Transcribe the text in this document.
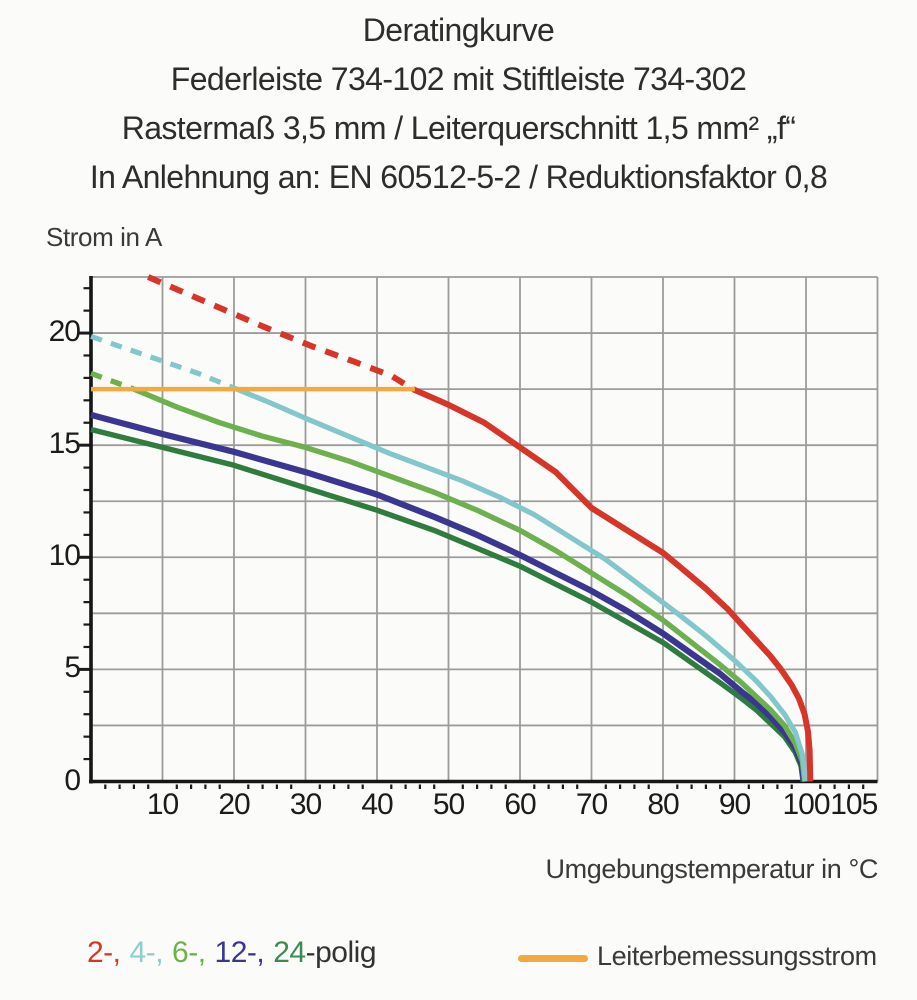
Deratingkurve
Federleiste 734-102 mit Stiftleiste 734-302
Rastermaß 3,5 mm / Leiterquerschnitt 1,5 mm² „f“
In Anlehnung an: EN 60512-5-2 / Reduktionsfaktor 0,8
Strom in A
10 20 30 40 50 60 70 80 90 100 105
0
5
10
15
20
Umgebungstemperatur in °C
2-, 4-, 6-, 12-, 24-polig	Leiterbemessungsstrom
